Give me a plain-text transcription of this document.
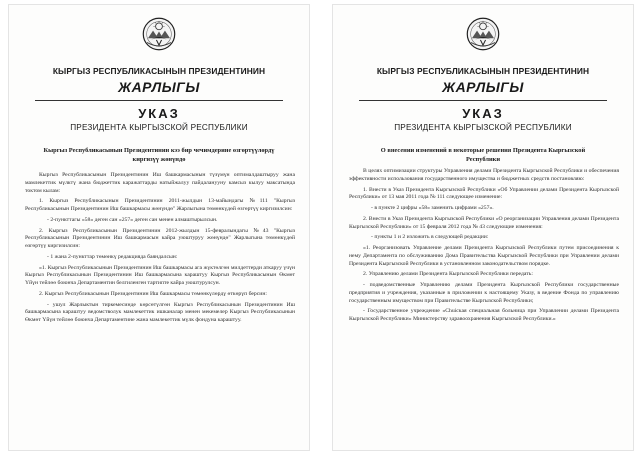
КЫРГЫЗ РЕСПУБЛИКАСЫНЫН ПРЕЗИДЕНТИНИН
ЖАРЛЫГЫ
УКАЗ
ПРЕЗИДЕНТА КЫРГЫЗСКОЙ РЕСПУБЛИКИ
Кыргыз Республикасынын Президентинин кээ бир чечимдерине өзгөртүүлөрдү киргизүү жөнүндө

Кыргыз Республикасынын Президентинин Иш башкармасынын түзүмүн оптималдаштыруу жана мамлекеттик мүлктү жана бюджеттик каражаттарды натыйжалуу пайдаланууну камсыз кылуу максатында токтом кылам:

1. Кыргыз Республикасынын Президентинин 2011-жылдын 13-майындагы №111 "Кыргыз Республикасынын Президентинин Иш башкармасы жөнүндө" Жарлыгына төмөнкүдөй өзгөртүү киргизилсин:

- 2-пункттагы «58» деген сан «257» деген сан менен алмаштырылсын.

2. Кыргыз Республикасынын Президентинин 2012-жылдын 15-февралындагы №43 "Кыргыз Республикасынын Президентинин Иш башкармасын кайра уюштуруу жөнүндө" Жарлыгына төмөнкүдөй өзгөртүү киргизилсин:

- 1 жана 2-пункттар төмөнкү редакцияда баяндалсын:

«1. Кыргыз Республикасынын Президентинин Иш башкармасы ага жүктөлгөн милдеттерди аткаруу үчүн Кыргыз Республикасынын Президентинин Иш башкармасына караштуу Кыргыз Республикасынын Өкмөт Үйүн тейлөө боюнча Департаментин белгиленген тартипте кайра уюштурулсун.

2. Кыргыз Республикасынын Президентинин Иш башкармасы төмөнкүлөрдү өткөрүп берсин:

- ушул Жарлыктын тиркемесинде көрсөтүлгөн Кыргыз Республикасынын Президентинин Иш башкармасына караштуу ведомстволук мамлекеттик ишканалар менен мекемелер Кыргыз Республикасынын Өкмөт Үйүн тейлөө боюнча Департаментине жана мамлекеттик мүлк фондуна караштуу.

КЫРГЫЗ РЕСПУБЛИКАСЫНЫН ПРЕЗИДЕНТИНИН
ЖАРЛЫГЫ
УКАЗ
ПРЕЗИДЕНТА КЫРГЫЗСКОЙ РЕСПУБЛИКИ
О внесении изменений в некоторые решения Президента Кыргызской Республики

В целях оптимизации структуры Управления делами Президента Кыргызской Республики и обеспечения эффективности использования государственного имущества и бюджетных средств постановляю:

1. Внести в Указ Президента Кыргызской Республики «Об Управлении делами Президента Кыргызской Республики» от 13 мая 2011 года № 111 следующее изменение:

- в пункте 2 цифры «58» заменить цифрами «257».

2. Внести в Указ Президента Кыргызской Республики «О реорганизации Управления делами Президента Кыргызской Республики» от 15 февраля 2012 года № 43 следующие изменения:

- пункты 1 и 2 изложить в следующей редакции:

«1. Реорганизовать Управление делами Президента Кыргызской Республики путем присоединения к нему Департамента по обслуживанию Дома Правительства Кыргызской Республики при Управлении делами Президента Кыргызской Республики в установленном законодательством порядке.

2. Управлению делами Президента Кыргызской Республики передать:

- подведомственные Управлению делами Президента Кыргызской Республики государственные предприятия и учреждения, указанные в приложении к настоящему Указу, в ведение Фонда по управлению государственным имуществом при Правительстве Кыргызской Республики;

- Государственное учреждение «Chuiская специальная больница при Управлении делами Президента Кыргызской Республики» Министерству здравоохранения Кыргызской Республики.»
